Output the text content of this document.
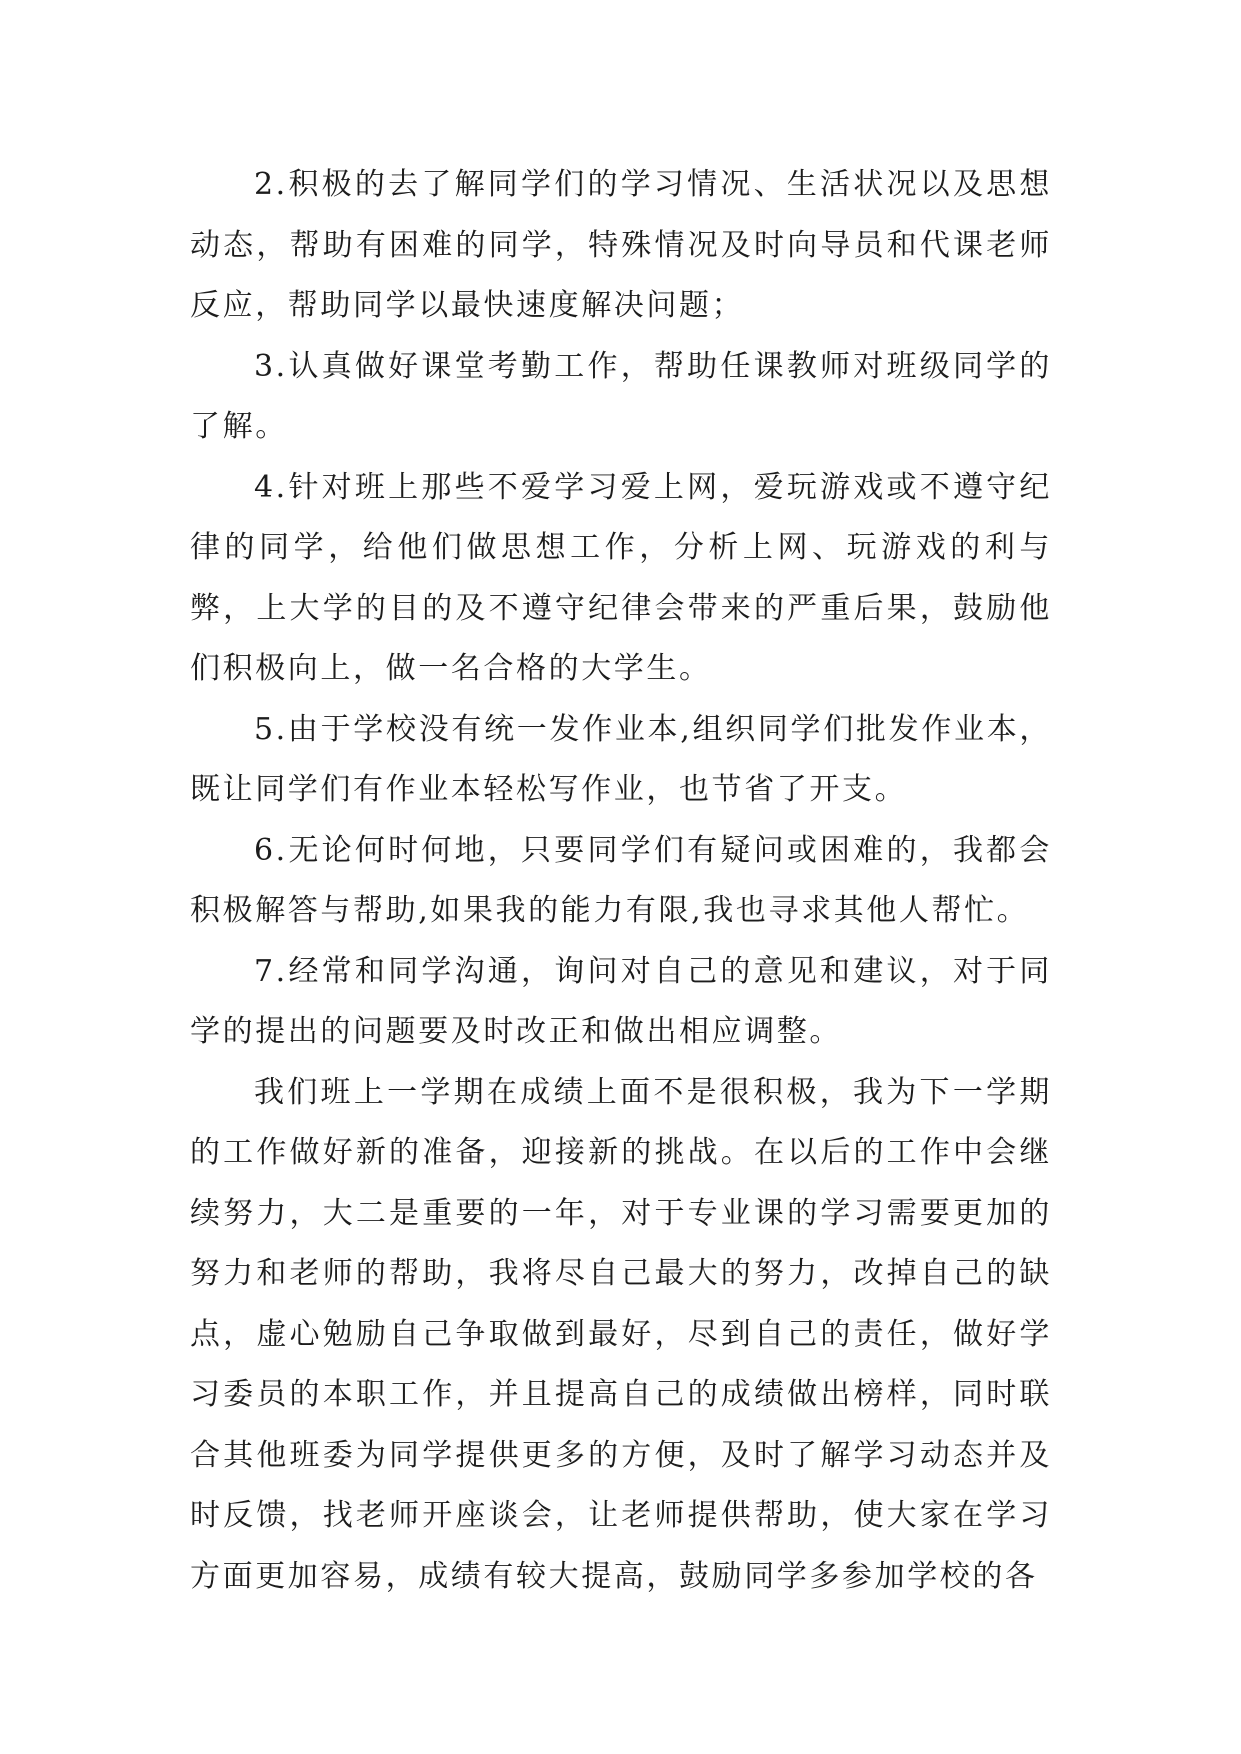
2.积极的去了解同学们的学习情况、生活状况以及思想动态，帮助有困难的同学，特殊情况及时向导员和代课老师反应，帮助同学以最快速度解决问题；

3.认真做好课堂考勤工作，帮助任课教师对班级同学的了解。

4.针对班上那些不爱学习爱上网，爱玩游戏或不遵守纪律的同学，给他们做思想工作，分析上网、玩游戏的利与弊，上大学的目的及不遵守纪律会带来的严重后果，鼓励他们积极向上，做一名合格的大学生。

5.由于学校没有统一发作业本,组织同学们批发作业本，既让同学们有作业本轻松写作业，也节省了开支。

6.无论何时何地，只要同学们有疑问或困难的，我都会积极解答与帮助,如果我的能力有限,我也寻求其他人帮忙。

7.经常和同学沟通，询问对自己的意见和建议，对于同学的提出的问题要及时改正和做出相应调整。

我们班上一学期在成绩上面不是很积极，我为下一学期的工作做好新的准备，迎接新的挑战。在以后的工作中会继续努力，大二是重要的一年，对于专业课的学习需要更加的努力和老师的帮助，我将尽自己最大的努力，改掉自己的缺点，虚心勉励自己争取做到最好，尽到自己的责任，做好学习委员的本职工作，并且提高自己的成绩做出榜样，同时联合其他班委为同学提供更多的方便，及时了解学习动态并及时反馈，找老师开座谈会，让老师提供帮助，使大家在学习方面更加容易，成绩有较大提高，鼓励同学多参加学校的各
